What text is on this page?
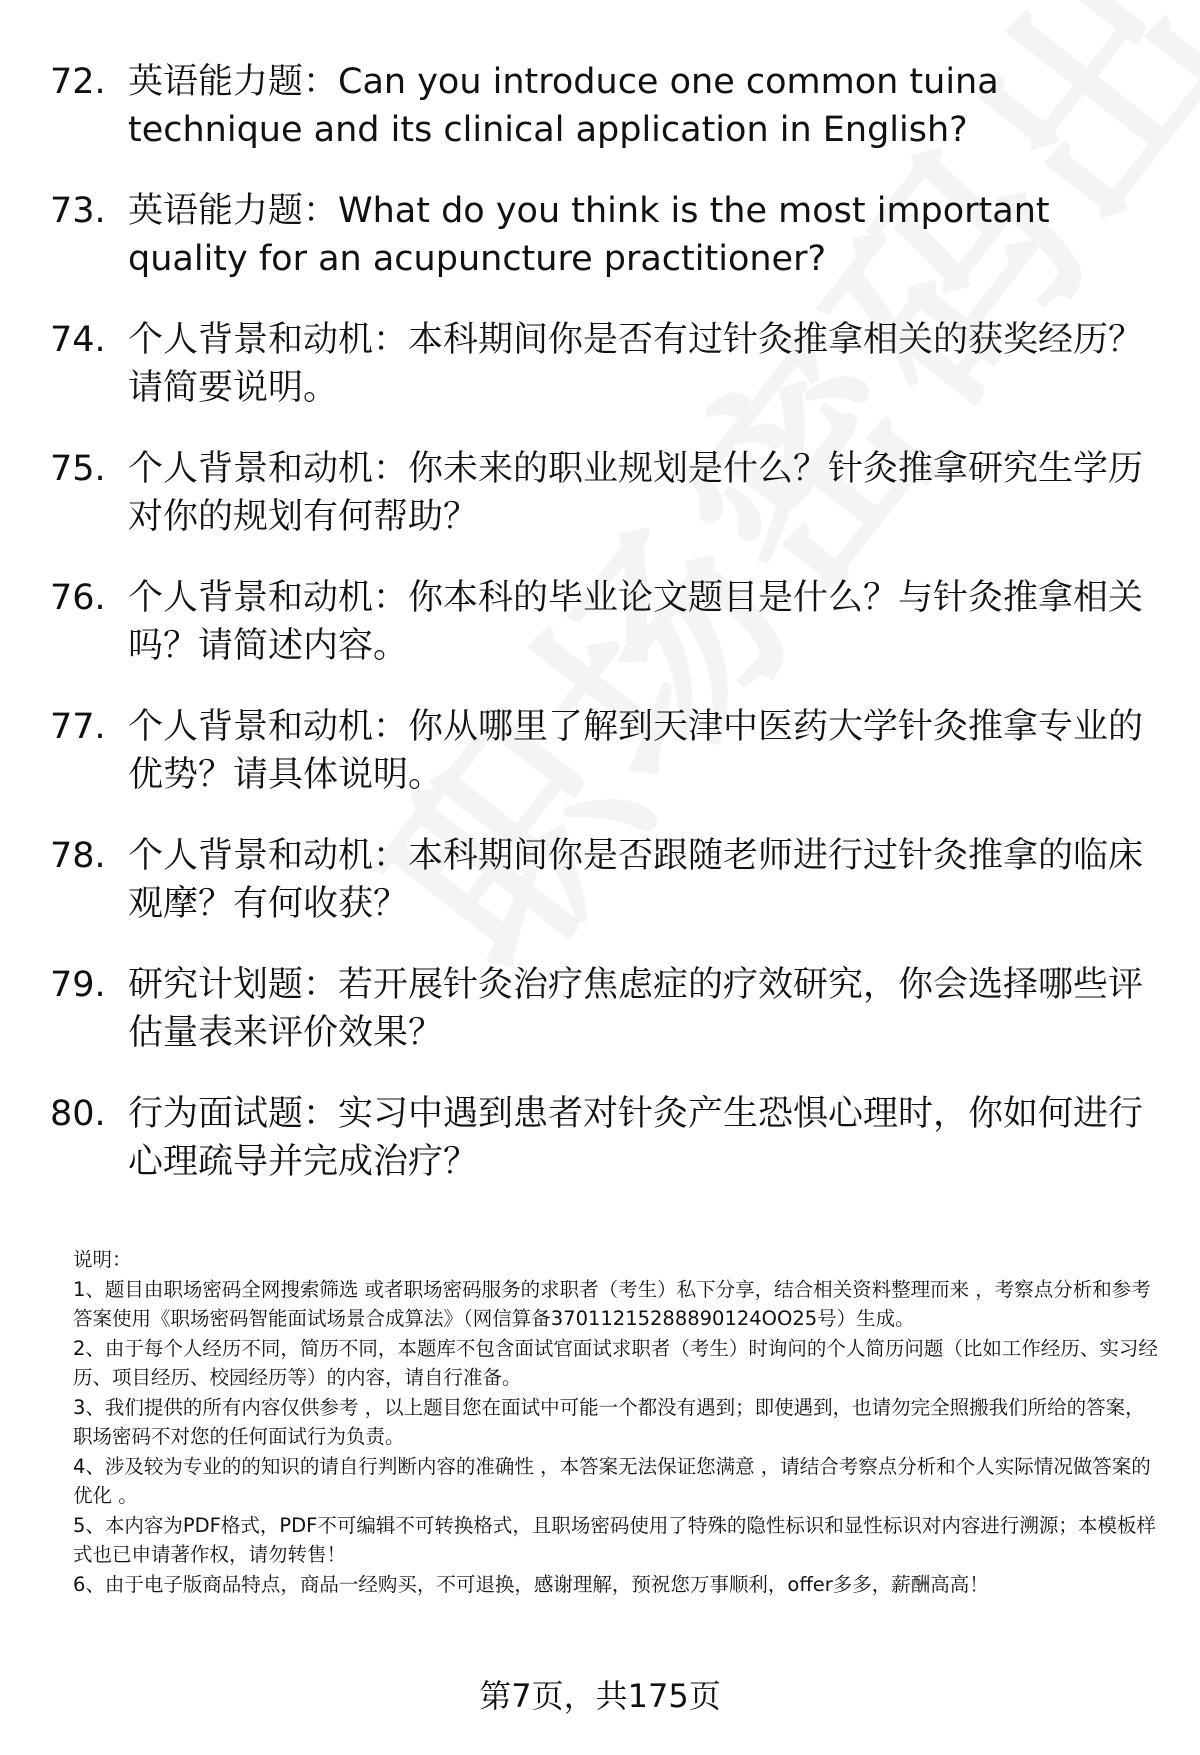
72. 英语能力题：Can you introduce one common tuina technique and its clinical application in English?
73. 英语能力题：What do you think is the most important quality for an acupuncture practitioner?
74. 个人背景和动机：本科期间你是否有过针灸推拿相关的获奖经历？请简要说明。
75. 个人背景和动机：你未来的职业规划是什么？针灸推拿研究生学历对你的规划有何帮助？
76. 个人背景和动机：你本科的毕业论文题目是什么？与针灸推拿相关吗？请简述内容。
77. 个人背景和动机：你从哪里了解到天津中医药大学针灸推拿专业的优势？请具体说明。
78. 个人背景和动机：本科期间你是否跟随老师进行过针灸推拿的临床观摩？有何收获？
79. 研究计划题：若开展针灸治疗焦虑症的疗效研究，你会选择哪些评估量表来评价效果？
80. 行为面试题：实习中遇到患者对针灸产生恐惧心理时，你如何进行心理疏导并完成治疗？

说明：

1、题目由职场密码全网搜索筛选 或者职场密码服务的求职者（考生）私下分享，结合相关资料整理而来 ，考察点分析和参考答案使用《职场密码智能面试场景合成算法》（网信算备37011215288890124OO25号）生成。

2、由于每个人经历不同，简历不同，本题库不包含面试官面试求职者（考生）时询问的个人简历问题（比如工作经历、实习经历、项目经历、校园经历等）的内容，请自行准备。

3、我们提供的所有内容仅供参考 ，以上题目您在面试中可能一个都没有遇到；即使遇到，也请勿完全照搬我们所给的答案，职场密码不对您的任何面试行为负责。

4、涉及较为专业的的知识的请自行判断内容的准确性 ，本答案无法保证您满意 ，请结合考察点分析和个人实际情况做答案的优化 。

5、本内容为PDF格式，PDF不可编辑不可转换格式，且职场密码使用了特殊的隐性标识和显性标识对内容进行溯源；本模板样式也已申请著作权，请勿转售！

6、由于电子版商品特点，商品一经购买，不可退换，感谢理解，预祝您万事顺利，offer多多，薪酬高高！

第7页，共175页
